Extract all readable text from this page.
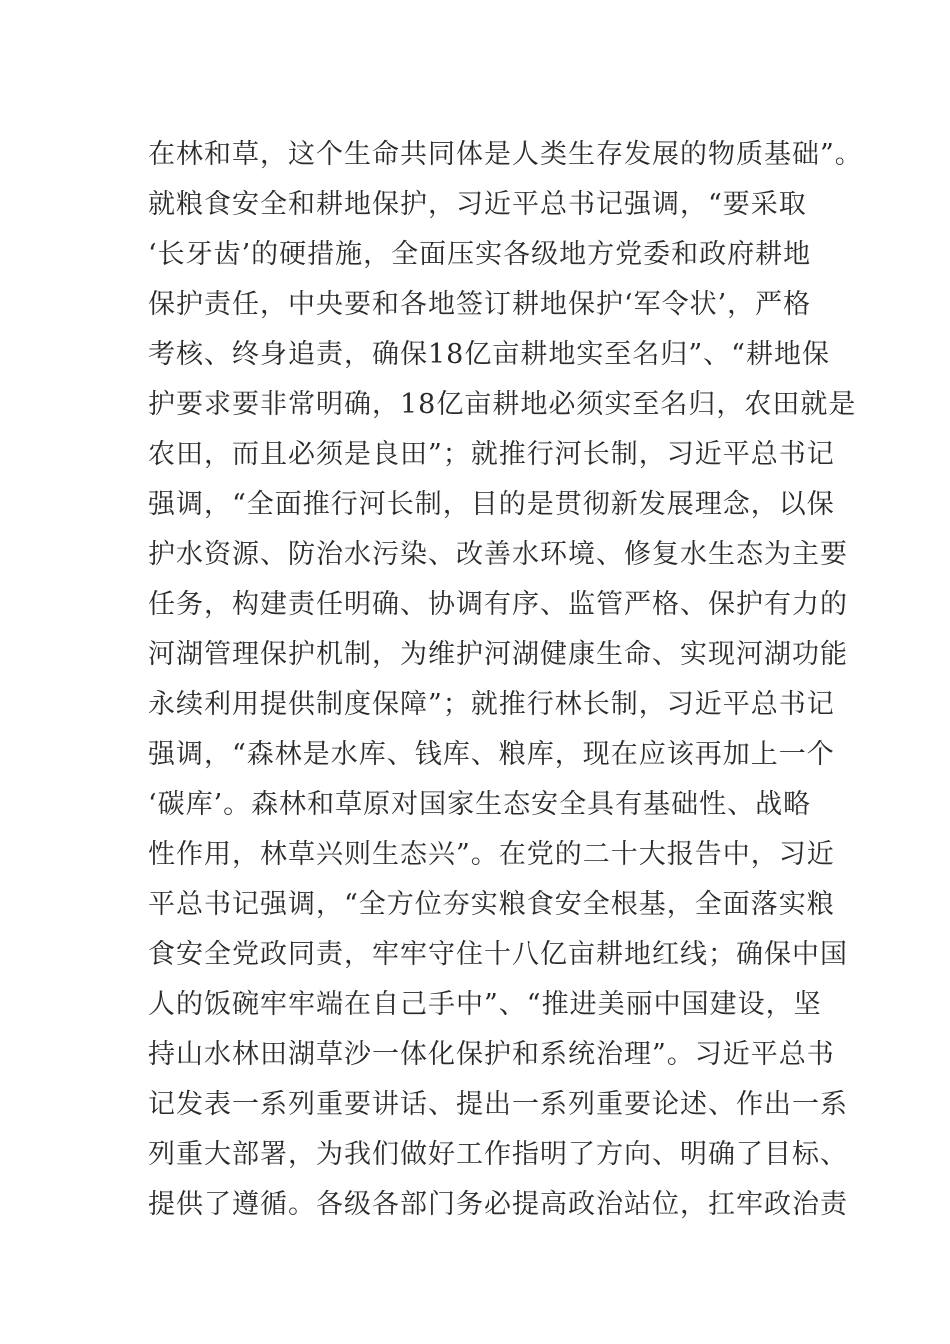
在林和草，这个生命共同体是人类生存发展的物质基础”。
就粮食安全和耕地保护，习近平总书记强调，“要采取
‘长牙齿’的硬措施，全面压实各级地方党委和政府耕地
保护责任，中央要和各地签订耕地保护‘军令状’，严格
考核、终身追责，确保18亿亩耕地实至名归”、“耕地保
护要求要非常明确，18亿亩耕地必须实至名归，农田就是
农田，而且必须是良田”；就推行河长制，习近平总书记
强调，“全面推行河长制，目的是贯彻新发展理念，以保
护水资源、防治水污染、改善水环境、修复水生态为主要
任务，构建责任明确、协调有序、监管严格、保护有力的
河湖管理保护机制，为维护河湖健康生命、实现河湖功能
永续利用提供制度保障”；就推行林长制，习近平总书记
强调，“森林是水库、钱库、粮库，现在应该再加上一个
‘碳库’。森林和草原对国家生态安全具有基础性、战略
性作用，林草兴则生态兴”。在党的二十大报告中，习近
平总书记强调，“全方位夯实粮食安全根基，全面落实粮
食安全党政同责，牢牢守住十八亿亩耕地红线；确保中国
人的饭碗牢牢端在自己手中”、“推进美丽中国建设，坚
持山水林田湖草沙一体化保护和系统治理”。习近平总书
记发表一系列重要讲话、提出一系列重要论述、作出一系
列重大部署，为我们做好工作指明了方向、明确了目标、
提供了遵循。各级各部门务必提高政治站位，扛牢政治责
